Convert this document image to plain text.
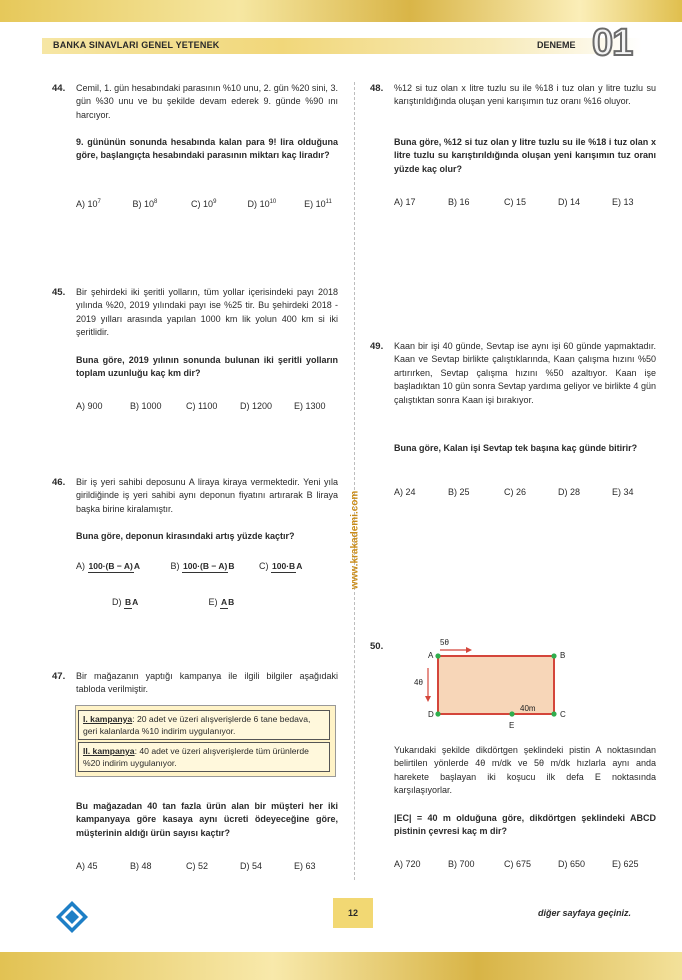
BANKA SINAVLARI GENEL YETENEK	DENEME 01
www.krakademi.com
44. Cemil, 1. gün hesabındaki parasının %10 unu, 2. gün %20 sini, 3. gün %30 unu ve bu şekilde devam ederek 9. günde %90 ını harcıyor.
9. gününün sonunda hesabında kalan para 9! lira olduğuna göre, başlangıçta hesabındaki parasının miktarı kaç liradır?
A) $10^7$	B) $10^8$	C) $10^9$	D) $10^{10}$	E) $10^{11}$
45. Bir şehirdeki iki şeritli yolların, tüm yollar içerisindeki payı 2018 yılında %20, 2019 yılındaki payı ise %25 tir. Bu şehirdeki 2018 - 2019 yılları arasında yapılan 1000 km lik yolun 400 km si iki şeritlidir.
Buna göre, 2019 yılının sonunda bulunan iki şeritli yolların toplam uzunluğu kaç km dir?
A) 900	B) 1000	C) 1100	D) 1200 E) 1300
46. Bir iş yeri sahibi deposunu A liraya kiraya vermektedir. Yeni yıla girildiğinde iş yeri sahibi aynı deponun fiyatını artırarak B liraya başka birine kiralamıştır.
Buna göre, deponun kirasındaki artış yüzde kaçtır?
A) 100·(B − A)A	B) 100·(B − A)B	C) 100·BA
D) BA	E) AB
47. Bir mağazanın yaptığı kampanya ile ilgili bilgiler aşağıdaki tabloda verilmiştir.
I. kampanya: 20 adet ve üzeri alışverişlerde 6 tane bedava, geri kalanlarda %10 indirim uygulanıyor.
II. kampanya: 40 adet ve üzeri alışverişlerde tüm ürünlerde %20 indirim uygulanıyor.
Bu mağazadan 40 tan fazla ürün alan bir müşteri her iki kampanyaya göre kasaya aynı ücreti ödeyeceğine göre, müşterinin aldığı ürün sayısı kaçtır?
A) 45	B) 48	C) 52	D) 54	E) 63
48. %12 si tuz olan x litre tuzlu su ile %18 i tuz olan y litre tuzlu su karıştırıldığında oluşan yeni karışımın tuz oranı %16 oluyor.
Buna göre, %12 si tuz olan y litre tuzlu su ile %18 i tuz olan x litre tuzlu su karıştırıldığında oluşan yeni karışımın tuz oranı yüzde kaç olur?
A) 17	B) 16	C) 15	D) 14	E) 13
49. Kaan bir işi 40 günde, Sevtap ise aynı işi 60 günde yapmaktadır. Kaan ve Sevtap birlikte çalıştıklarında, Kaan çalışma hızını %50 artırırken, Sevtap çalışma hızını %50 azaltıyor. Kaan işe başladıktan 10 gün sonra Sevtap yardıma geliyor ve birlikte 4 gün çalıştıktan sonra Kaan işi bırakıyor.
Buna göre, Kalan işi Sevtap tek başına kaç günde bitirir?
A) 24	B) 25	C) 26	D) 28	E) 34
50.	5θ
4θ
A	B
C
D
E
40m
Yukarıdaki şekilde dikdörtgen şeklindeki pistin A noktasından belirtilen yönlerde 4θ m/dk ve 5θ m/dk hızlarla aynı anda harekete başlayan iki koşucu ilk defa E noktasında karşılaşıyorlar.
|EC| = 40 m olduğuna göre, dikdörtgen şeklindeki ABCD pistinin çevresi kaç m dir?
A) 720	B) 700	C) 675	D) 650	E) 625
12	diğer sayfaya geçiniz.
